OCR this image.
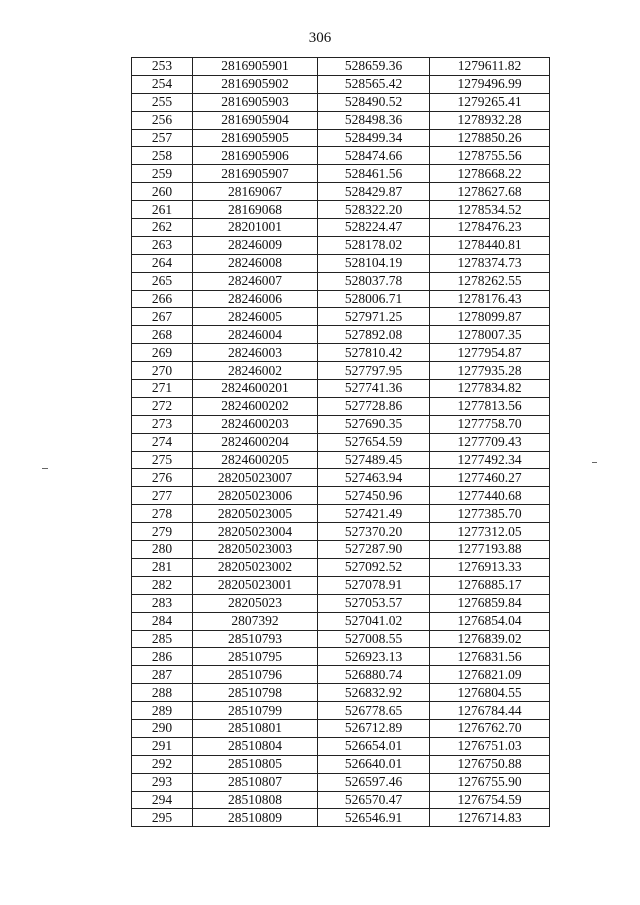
306
253	2816905901	528659.36	1279611.82
254	2816905902	528565.42	1279496.99
255	2816905903	528490.52	1279265.41
256	2816905904	528498.36	1278932.28
257	2816905905	528499.34	1278850.26
258	2816905906	528474.66	1278755.56
259	2816905907	528461.56	1278668.22
260	28169067	528429.87	1278627.68
261	28169068	528322.20	1278534.52
262	28201001	528224.47	1278476.23
263	28246009	528178.02	1278440.81
264	28246008	528104.19	1278374.73
265	28246007	528037.78	1278262.55
266	28246006	528006.71	1278176.43
267	28246005	527971.25	1278099.87
268	28246004	527892.08	1278007.35
269	28246003	527810.42	1277954.87
270	28246002	527797.95	1277935.28
271	2824600201	527741.36	1277834.82
272	2824600202	527728.86	1277813.56
273	2824600203	527690.35	1277758.70
274	2824600204	527654.59	1277709.43
275	2824600205	527489.45	1277492.34
276	28205023007	527463.94	1277460.27
277	28205023006	527450.96	1277440.68
278	28205023005	527421.49	1277385.70
279	28205023004	527370.20	1277312.05
280	28205023003	527287.90	1277193.88
281	28205023002	527092.52	1276913.33
282	28205023001	527078.91	1276885.17
283	28205023	527053.57	1276859.84
284	2807392	527041.02	1276854.04
285	28510793	527008.55	1276839.02
286	28510795	526923.13	1276831.56
287	28510796	526880.74	1276821.09
288	28510798	526832.92	1276804.55
289	28510799	526778.65	1276784.44
290	28510801	526712.89	1276762.70
291	28510804	526654.01	1276751.03
292	28510805	526640.01	1276750.88
293	28510807	526597.46	1276755.90
294	28510808	526570.47	1276754.59
295	28510809	526546.91	1276714.83
